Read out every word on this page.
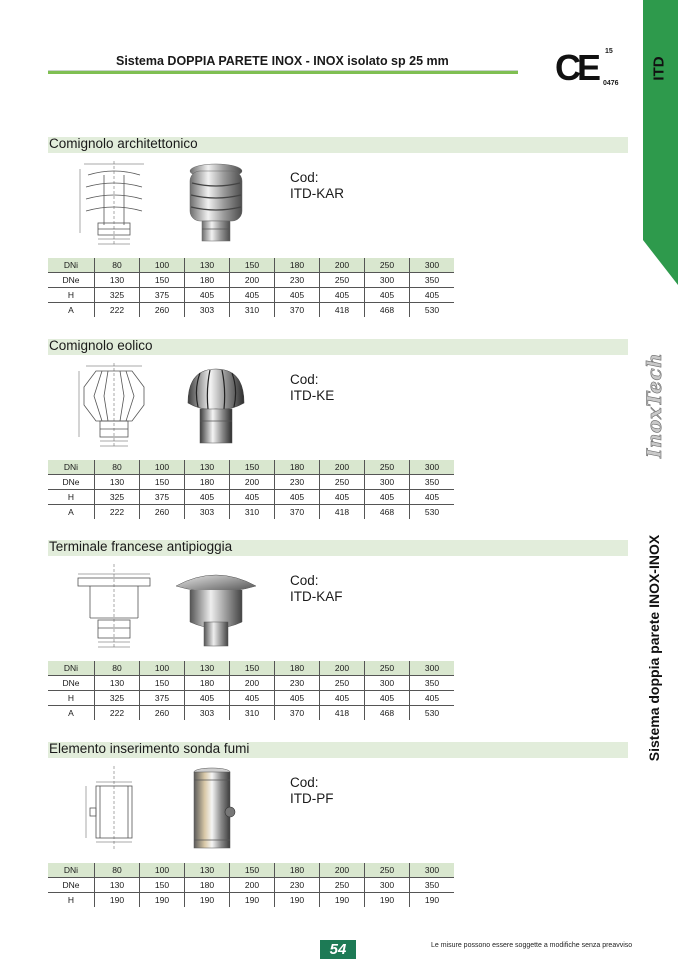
Sistema DOPPIA PARETE INOX - INOX isolato sp 25 mm	CE 15
0476
ITD
InoxTech
Sistema doppia parete INOX-INOX
Comignolo architettonico
Cod:
ITD-KAR
DNi	80	100	130	150	180	200	250	300
DNe	130	150	180	200	230	250	300	350
H	325	375	405	405	405	405	405	405
A	222	260	303	310	370	418	468	530
Comignolo eolico
Cod:
ITD-KE
DNi	80	100	130	150	180	200	250	300
DNe	130	150	180	200	230	250	300	350
H	325	375	405	405	405	405	405	405
A	222	260	303	310	370	418	468	530
Terminale francese antipioggia
Cod:
ITD-KAF
DNi	80	100	130	150	180	200	250	300
DNe	130	150	180	200	230	250	300	350
H	325	375	405	405	405	405	405	405
A	222	260	303	310	370	418	468	530
Elemento inserimento sonda fumi
Cod:
ITD-PF
DNi	80	100	130	150	180	200	250	300
DNe	130	150	180	200	230	250	300	350
H	190	190	190	190	190	190	190	190
54	Le misure possono essere soggette a modifiche senza preavviso
